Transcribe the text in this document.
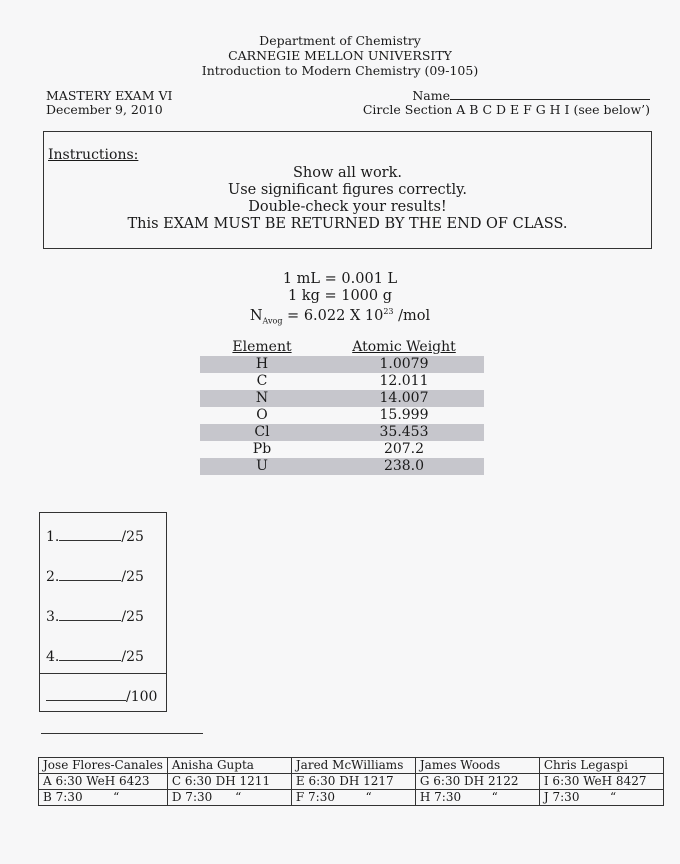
Department of Chemistry
CARNEGIE MELLON UNIVERSITY
Introduction to Modern Chemistry (09-105)
MASTERY EXAM VI
December 9, 2010
Name
Circle Section A B C D E F G H I (see below’)
Instructions:
Show all work.
Use significant figures correctly.
Double-check your results!
This EXAM MUST BE RETURNED BY THE END OF CLASS.
1 mL = 0.001 L
1 kg = 1000 g
$N_{Avog} = 6.022$ X $10^{23}$ /mol
Element	Atomic Weight
H	1.0079
C	12.011
N	14.007
O	15.999
Cl	35.453
Pb	207.2
U	238.0
1.	/25
2.	/25
3.	/25
4.	/25
/100
Jose Flores-Canales	Anisha Gupta	Jared McWilliams	James Woods	Chris Legaspi
A 6:30 WeH 6423	C 6:30 DH 1211	E 6:30 DH 1217	G 6:30 DH 2122	I 6:30 WeH 8427
B 7:30 “	D 7:30 “	F 7:30 “	H 7:30 “	J 7:30 “
